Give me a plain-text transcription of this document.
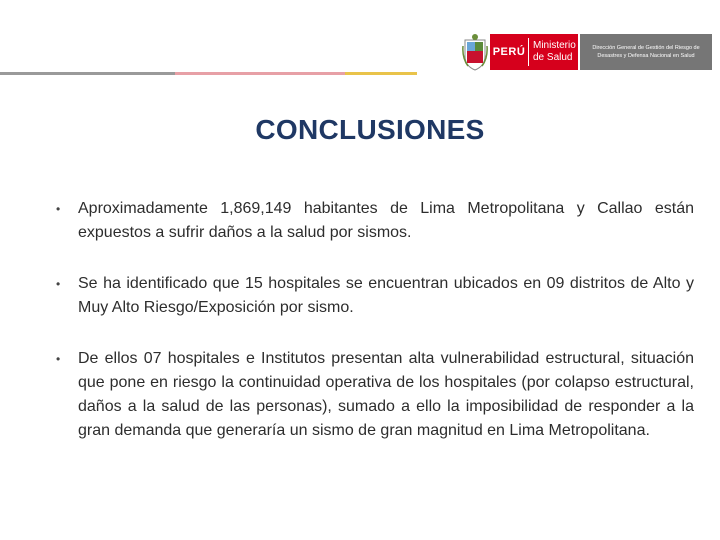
PERÚ
Ministerio
de Salud
Dirección General de Gestión del Riesgo de Desastres y Defensa Nacional en Salud
CONCLUSIONES
• Aproximadamente 1,869,149 habitantes de Lima Metropolitana y Callao están expuestos a sufrir daños a la salud por sismos.
• Se ha identificado que 15 hospitales se encuentran ubicados en 09 distritos de Alto y Muy Alto Riesgo/Exposición por sismo.
• De ellos 07 hospitales e Institutos presentan alta vulnerabilidad estructural, situación que pone en riesgo la continuidad operativa de los hospitales (por colapso estructural, daños a la salud de las personas), sumado a ello la imposibilidad de responder a la gran demanda que generaría un sismo de gran magnitud en Lima Metropolitana.
